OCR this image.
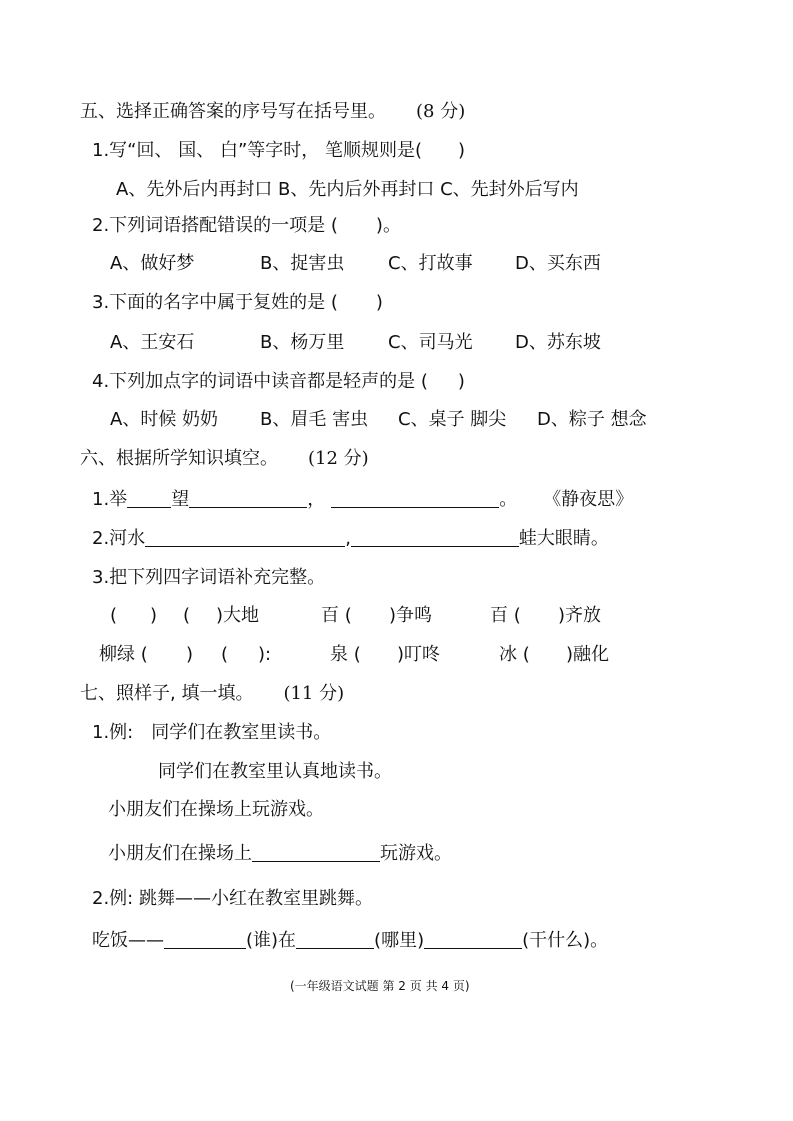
五、选择正确答案的序号写在括号里。 (8 分)
1.写“回、 国、 白”等字时， 笔顺规则是( )
A、先外后内再封口 B、先内后外再封口 C、先封外后写内
2.下列词语搭配错误的一项是 ( )。
A、做好梦	B、捉害虫 C、打故事 D、买东西
3.下面的名字中属于复姓的是 ( )
A、王安石	B、杨万里 C、司马光 D、苏东坡
4.下列加点字的词语中读音都是轻声的是 ( )
A、时候 奶奶 B、眉毛 害虫 C、桌子 脚尖 D、粽子 想念
六、根据所学知识填空。 (12 分)
1.举 望	，	。 《静夜思》
2.河水	,	蛙大眼睛。
3.把下列四字词语补充完整。
( ) ( )大地	百 ( )争鸣	百 ( )齐放
柳绿 ( ) ( ):	泉 ( )叮咚	冰 ( )融化
七、照样子, 填一填。 (11 分)
1.例:　同学们在教室里读书。
同学们在教室里认真地读书。
小朋友们在操场上玩游戏。
小朋友们在操场上	玩游戏。
2.例: 跳舞——小红在教室里跳舞。
吃饭——	(谁)在	(哪里)	(干什么)。
(一年级语文试题 第 2 页 共 4 页)
